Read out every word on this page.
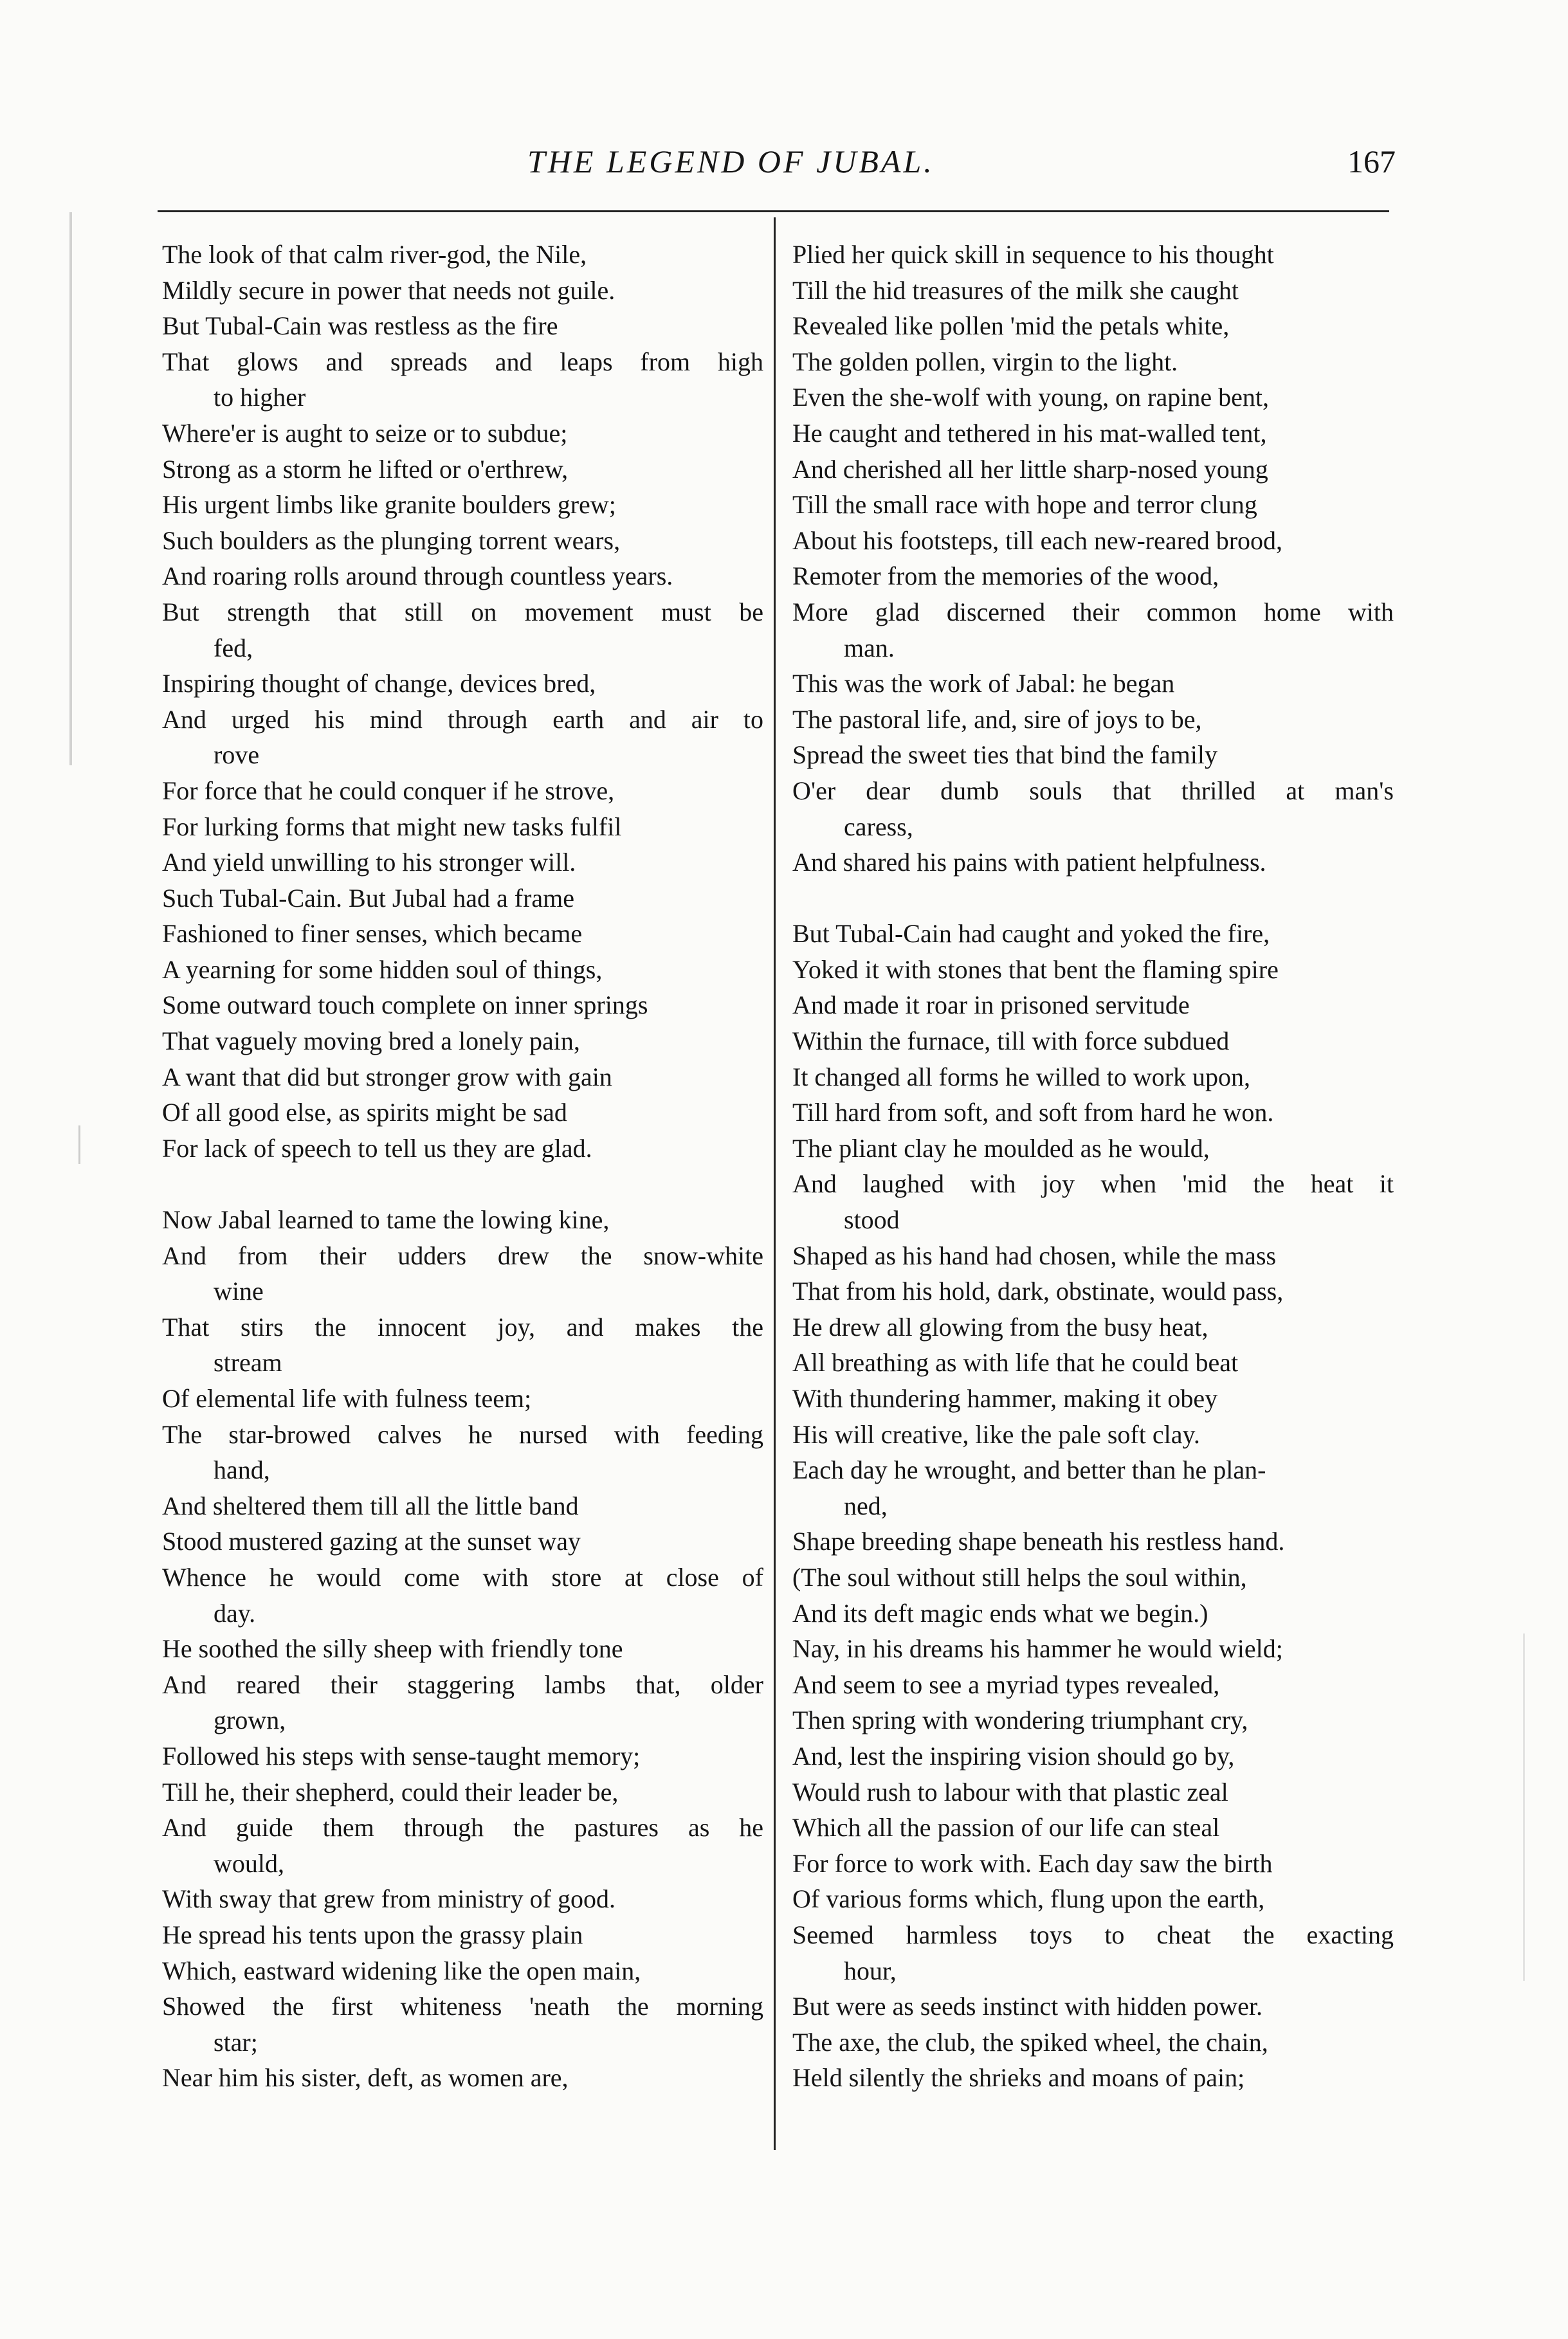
THE LEGEND OF JUBAL.	167
The look of that calm river-god, the Nile,
Mildly secure in power that needs not guile.
But Tubal-Cain was restless as the fire
That glows and spreads and leaps from high
to higher
Where'er is aught to seize or to subdue;
Strong as a storm he lifted or o'erthrew,
His urgent limbs like granite boulders grew;
Such boulders as the plunging torrent wears,
And roaring rolls around through countless years.
But strength that still on movement must be
fed,
Inspiring thought of change, devices bred,
And urged his mind through earth and air to
rove
For force that he could conquer if he strove,
For lurking forms that might new tasks fulfil
And yield unwilling to his stronger will.
Such Tubal-Cain. But Jubal had a frame
Fashioned to finer senses, which became
A yearning for some hidden soul of things,
Some outward touch complete on inner springs
That vaguely moving bred a lonely pain,
A want that did but stronger grow with gain
Of all good else, as spirits might be sad
For lack of speech to tell us they are glad.
Now Jabal learned to tame the lowing kine,
And from their udders drew the snow-white
wine
That stirs the innocent joy, and makes the
stream
Of elemental life with fulness teem;
The star-browed calves he nursed with feeding
hand,
And sheltered them till all the little band
Stood mustered gazing at the sunset way
Whence he would come with store at close of
day.
He soothed the silly sheep with friendly tone
And reared their staggering lambs that, older
grown,
Followed his steps with sense-taught memory;
Till he, their shepherd, could their leader be,
And guide them through the pastures as he
would,
With sway that grew from ministry of good.
He spread his tents upon the grassy plain
Which, eastward widening like the open main,
Showed the first whiteness 'neath the morning
star;
Near him his sister, deft, as women are,
Plied her quick skill in sequence to his thought
Till the hid treasures of the milk she caught
Revealed like pollen 'mid the petals white,
The golden pollen, virgin to the light.
Even the she-wolf with young, on rapine bent,
He caught and tethered in his mat-walled tent,
And cherished all her little sharp-nosed young
Till the small race with hope and terror clung
About his footsteps, till each new-reared brood,
Remoter from the memories of the wood,
More glad discerned their common home with
man.
This was the work of Jabal: he began
The pastoral life, and, sire of joys to be,
Spread the sweet ties that bind the family
O'er dear dumb souls that thrilled at man's
caress,
And shared his pains with patient helpfulness.
But Tubal-Cain had caught and yoked the fire,
Yoked it with stones that bent the flaming spire
And made it roar in prisoned servitude
Within the furnace, till with force subdued
It changed all forms he willed to work upon,
Till hard from soft, and soft from hard he won.
The pliant clay he moulded as he would,
And laughed with joy when 'mid the heat it
stood
Shaped as his hand had chosen, while the mass
That from his hold, dark, obstinate, would pass,
He drew all glowing from the busy heat,
All breathing as with life that he could beat
With thundering hammer, making it obey
His will creative, like the pale soft clay.
Each day he wrought, and better than he plan-
ned,
Shape breeding shape beneath his restless hand.
(The soul without still helps the soul within,
And its deft magic ends what we begin.)
Nay, in his dreams his hammer he would wield;
And seem to see a myriad types revealed,
Then spring with wondering triumphant cry,
And, lest the inspiring vision should go by,
Would rush to labour with that plastic zeal
Which all the passion of our life can steal
For force to work with. Each day saw the birth
Of various forms which, flung upon the earth,
Seemed harmless toys to cheat the exacting
hour,
But were as seeds instinct with hidden power.
The axe, the club, the spiked wheel, the chain,
Held silently the shrieks and moans of pain;
